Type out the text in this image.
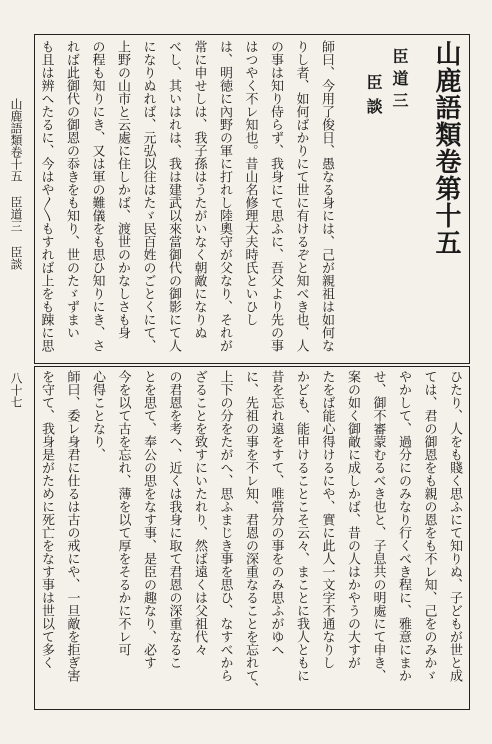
山鹿語類卷十五 臣道三 臣談
八十七
山鹿語類卷第十五
臣道三
臣談
師曰、今用了俊日、愚なる身には、己が親祖は如何な
りし者、如何ばかりにて世に有けるぞと知べき也、人
の事は知り侍らず、我身にて思ふに、吾父より先の事
はつやく不レ知也。昔山名修理大夫時氏といひし
は、明徳に內野の軍に打れし陸奧守が父なり、それが
常に申せしは、我子孫はうたがいなく朝敵になりぬ
べし、其いはれは、我は建武以來當御代の御影にて人
になりぬれば、元弘以往はたゞ民百姓のごとくにて、
上野の山市と云處に住しかば、渡世のかなしさも身
の程も知りにき、又は軍の難儀をも思ひ知りにき、さ
れば此御代の御恩の忝きをも知り、世のたゞずまい
も且は辨へたるに、今はや〳〵もすれば上をも踈に思
ひたり、人をも賤く思ふにて知りぬ、子どもが世と成
ては、君の御恩をも親の恩をも不レ知、己をのみかゞ
やかして、過分にのみなり行くべき程に、雅意にまか
せ、御不審蒙むるべき也と、子息共の明處にて申き、
案の如く御敵に成しかば、昔の人はかやうの大すが
たをば能心得けるにや、實に此人一文字不通なりし
かども、能申けることこそ云々、まことに我人ともに
昔を忘れ遠をすて、唯當分の事をのみ思ふがゆへ
に、先祖の事を不レ知、君恩の深重なることを忘れて、
上下の分をたがへ、思ふまじき事を思ひ、なすべから
ざることを致すにいたれり、然ば遠くは父祖代々
の君恩を考へ、近くは我身に取て君恩の深重なるこ
とを思て、奉公の思をなす事、是臣の趣なり、必す
今を以て古を忘れ、薄を以て厚をそるかに不レ可
心得ことなり、
師曰、委レ身君に仕るは古の戒にや、一旦敵を拒ぎ害
を守て、我身是がために死亡をなす事は世以て多く
